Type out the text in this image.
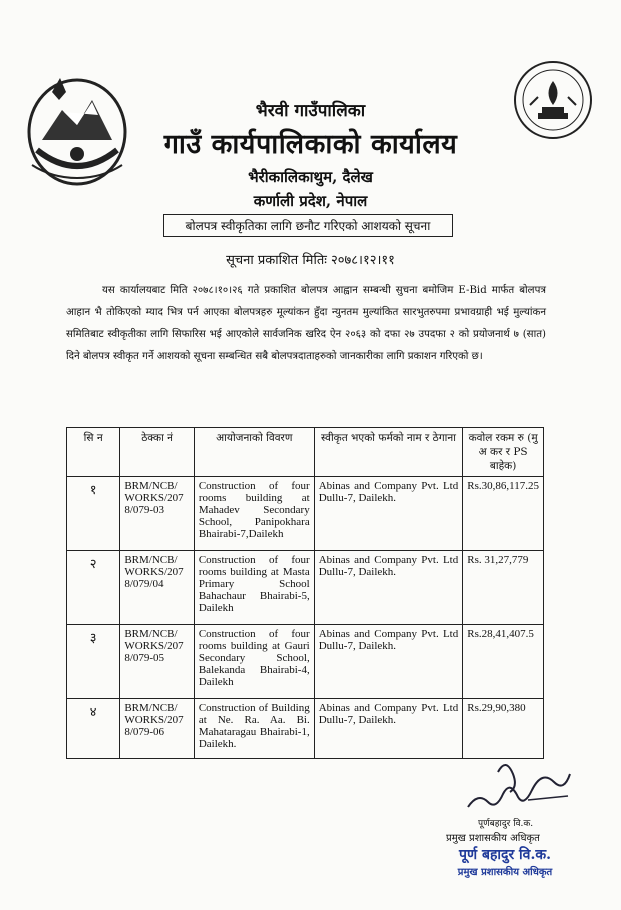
भैरवी गाउँपालिका
गाउँ कार्यपालिकाको कार्यालय
भैरीकालिकाथुम, दैलेख
कर्णाली प्रदेश, नेपाल
बोलपत्र स्वीकृतिका लागि छनौट गरिएको आशयको सूचना
सूचना प्रकाशित मितिः २०७८।१२।११
यस कार्यालयबाट मिति २०७८।१०।२६ गते प्रकाशित बोलपत्र आह्वान सम्बन्धी सुचना बमोजिम E-Bid मार्फत बोलपत्र आहान भै तोकिएको म्याद भित्र पर्न आएका बोलपत्रहरु मूल्यांकन हुँदा न्युनतम मुल्यांकित सारभुतरुपमा प्रभावग्राही भई मुल्यांकन समितिबाट स्वीकृतीका लागि सिफारिस भई आएकोले सार्वजनिक खरिद ऐन २०६३ को दफा २७ उपदफा २ को प्रयोजनार्थ ७ (सात) दिने बोलपत्र स्वीकृत गर्ने आशयको सूचना सम्बन्धित सबै बोलपत्रदाताहरुको जानकारीका लागि प्रकाशन गरिएको छ।
सि न	ठेक्का नं	आयोजनाको विवरण	स्वीकृत भएको फर्मको नाम र ठेगाना	कवोल रकम रु (मु अ कर र PS बाहेक)
१	BRM/NCB/ WORKS/207 8/079-03	Construction of four rooms building at Mahadev Secondary School, Panipokhara Bhairabi-7,Dailekh	Abinas and Company Pvt. Ltd Dullu-7, Dailekh.	Rs.30,86,117.25
२	BRM/NCB/ WORKS/207 8/079/04	Construction of four rooms building at Masta Primary School Bahachaur Bhairabi-5, Dailekh	Abinas and Company Pvt. Ltd Dullu-7, Dailekh.	Rs. 31,27,779
३	BRM/NCB/ WORKS/207 8/079-05	Construction of four rooms building at Gauri Secondary School, Balekanda Bhairabi-4, Dailekh	Abinas and Company Pvt. Ltd Dullu-7, Dailekh.	Rs.28,41,407.5
४	BRM/NCB/ WORKS/207 8/079-06	Construction of Building at Ne. Ra. Aa. Bi. Mahataragau Bhairabi-1, Dailekh.	Abinas and Company Pvt. Ltd Dullu-7, Dailekh.	Rs.29,90,380
पूर्णबहादुर वि.क.
प्रमुख प्रशासकीय अधिकृत
पूर्ण बहादुर वि.क.
प्रमुख प्रशासकीय अधिकृत
